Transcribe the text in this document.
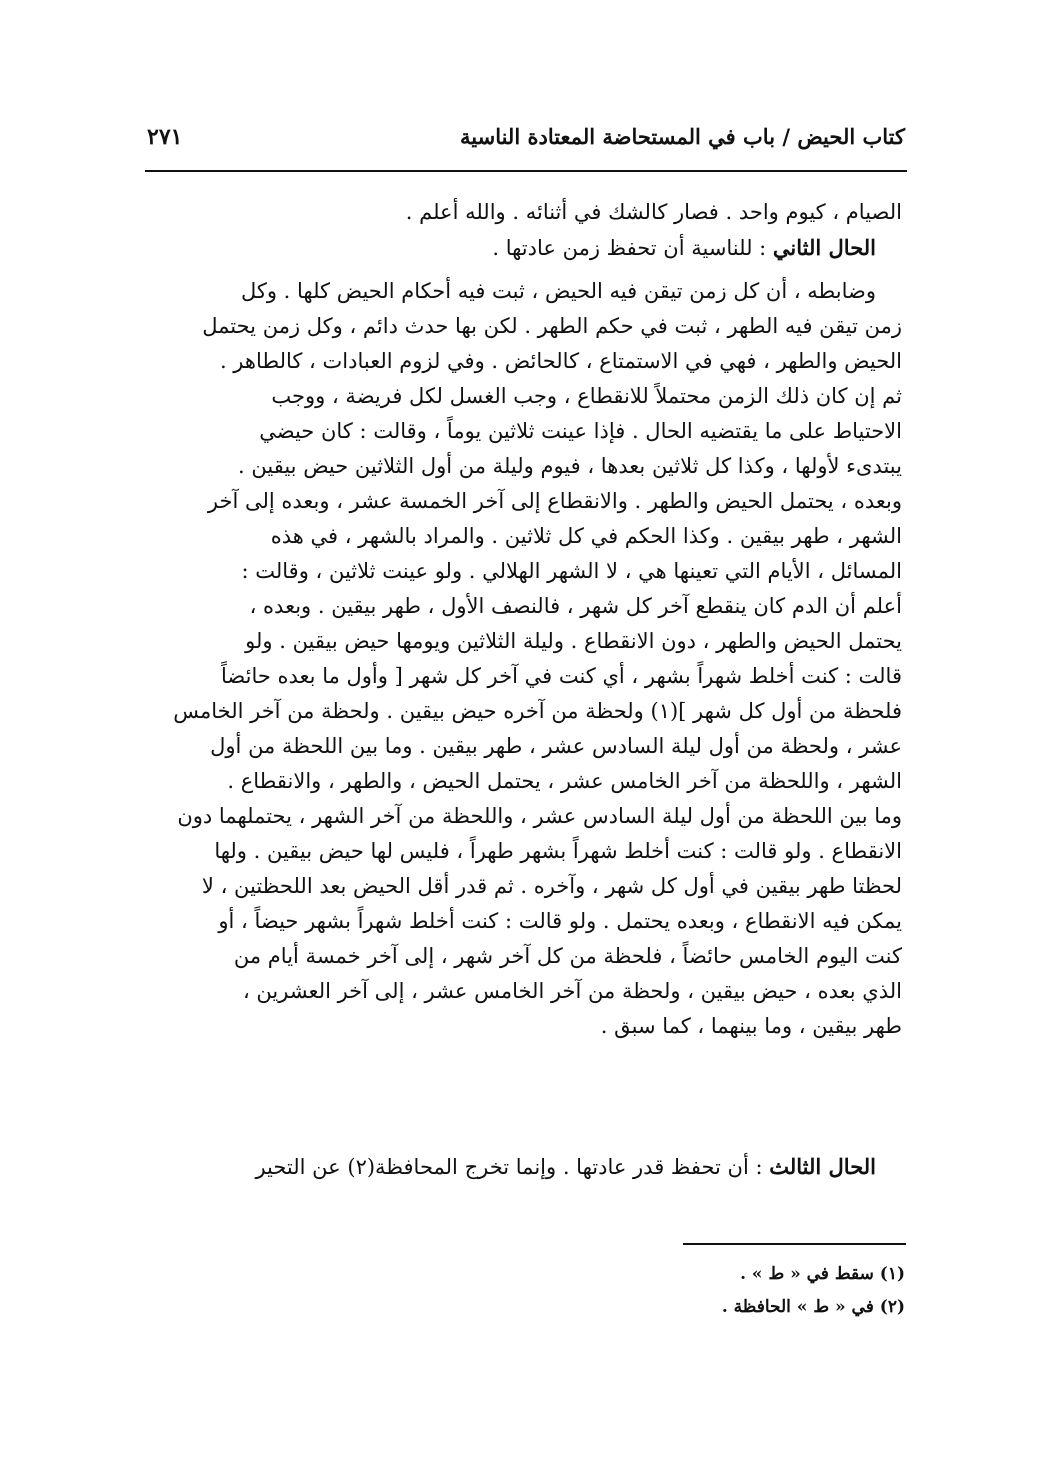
كتاب الحيض / باب في المستحاضة المعتادة الناسية
٢٧١
الصيام ، كيوم واحد . فصار كالشك في أثنائه . والله أعلم .
الحال الثاني : للناسية أن تحفظ زمن عادتها .
وضابطه ، أن كل زمن تيقن فيه الحيض ، ثبت فيه أحكام الحيض كلها . وكل
زمن تيقن فيه الطهر ، ثبت في حكم الطهر . لكن بها حدث دائم ، وكل زمن يحتمل
الحيض والطهر ، فهي في الاستمتاع ، كالحائض . وفي لزوم العبادات ، كالطاهر .
ثم إن كان ذلك الزمن محتملاً للانقطاع ، وجب الغسل لكل فريضة ، ووجب
الاحتياط على ما يقتضيه الحال . فإذا عينت ثلاثين يوماً ، وقالت : كان حيضي
يبتدىء لأولها ، وكذا كل ثلاثين بعدها ، فيوم وليلة من أول الثلاثين حيض بيقين .
وبعده ، يحتمل الحيض والطهر . والانقطاع إلى آخر الخمسة عشر ، وبعده إلى آخر
الشهر ، طهر بيقين . وكذا الحكم في كل ثلاثين . والمراد بالشهر ، في هذه
المسائل ، الأيام التي تعينها هي ، لا الشهر الهلالي . ولو عينت ثلاثين ، وقالت :
أعلم أن الدم كان ينقطع آخر كل شهر ، فالنصف الأول ، طهر بيقين . وبعده ،
يحتمل الحيض والطهر ، دون الانقطاع . وليلة الثلاثين ويومها حيض بيقين . ولو
قالت : كنت أخلط شهراً بشهر ، أي كنت في آخر كل شهر [ وأول ما بعده حائضاً
فلحظة من أول كل شهر ](١) ولحظة من آخره حيض بيقين . ولحظة من آخر الخامس
عشر ، ولحظة من أول ليلة السادس عشر ، طهر بيقين . وما بين اللحظة من أول
الشهر ، واللحظة من آخر الخامس عشر ، يحتمل الحيض ، والطهر ، والانقطاع .
وما بين اللحظة من أول ليلة السادس عشر ، واللحظة من آخر الشهر ، يحتملهما دون
الانقطاع . ولو قالت : كنت أخلط شهراً بشهر طهراً ، فليس لها حيض بيقين . ولها
لحظتا طهر بيقين في أول كل شهر ، وآخره . ثم قدر أقل الحيض بعد اللحظتين ، لا
يمكن فيه الانقطاع ، وبعده يحتمل . ولو قالت : كنت أخلط شهراً بشهر حيضاً ، أو
كنت اليوم الخامس حائضاً ، فلحظة من كل آخر شهر ، إلى آخر خمسة أيام من
الذي بعده ، حيض بيقين ، ولحظة من آخر الخامس عشر ، إلى آخر العشرين ،
طهر بيقين ، وما بينهما ، كما سبق .
الحال الثالث : أن تحفظ قدر عادتها . وإنما تخرج المحافظة(٢) عن التحير
(١) سقط في « ط » .
(٢) في « ط » الحافظة .
